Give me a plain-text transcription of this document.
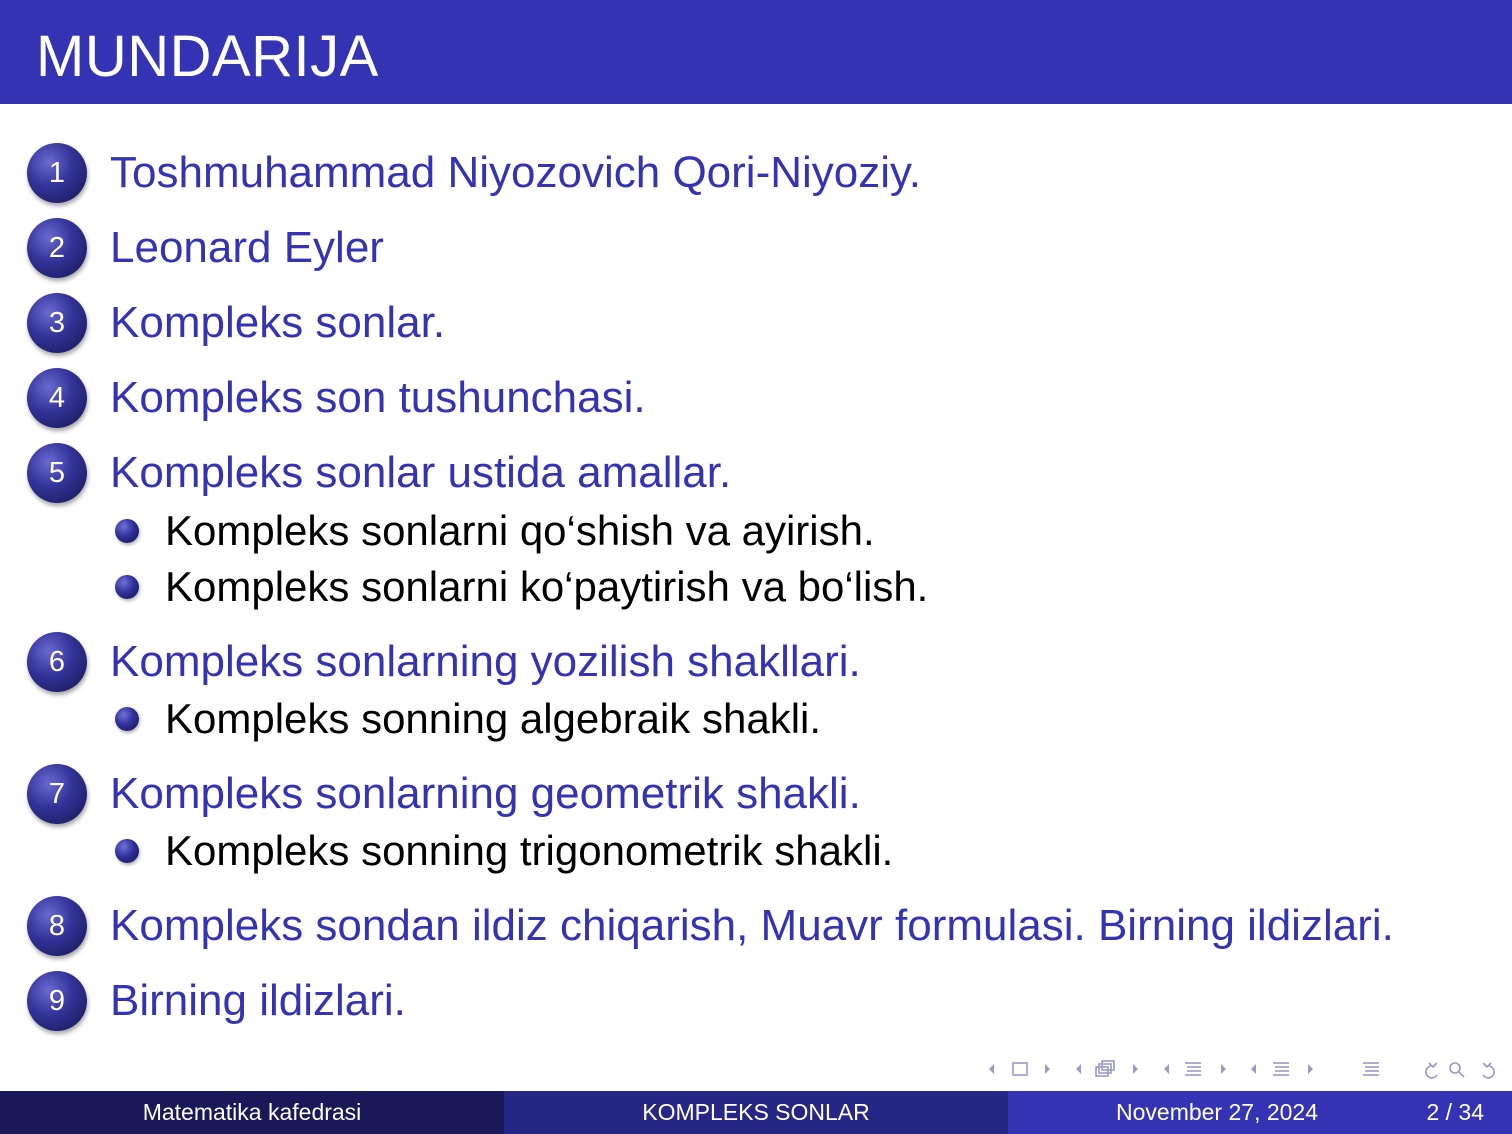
MUNDARIJA
1	Toshmuhammad Niyozovich Qori-Niyoziy.
2	Leonard Eyler
3	Kompleks sonlar.
4	Kompleks son tushunchasi.
5	Kompleks sonlar ustida amallar.
Kompleks sonlarni qo‘shish va ayirish.
Kompleks sonlarni ko‘paytirish va bo‘lish.
6	Kompleks sonlarning yozilish shakllari.
Kompleks sonning algebraik shakli.
7	Kompleks sonlarning geometrik shakli.
Kompleks sonning trigonometrik shakli.
8	Kompleks sondan ildiz chiqarish, Muavr formulasi. Birning ildizlari.
9	Birning ildizlari.
Matematika kafedrasi	KOMPLEKS SONLAR	November 27, 2024	2 / 34
